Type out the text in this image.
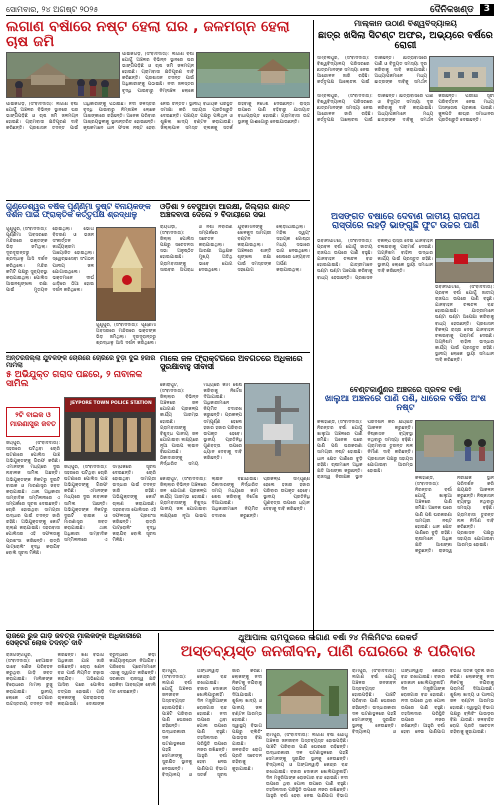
ସୋମବାର, ୨୪ ଅଗଷ୍ଟ ୨୦୨୫	ଦୈନିକଖଣ୍ଡ	3
ଲଗାଣ ବର୍ଷାରେ ନଷ୍ଟ ହେଲା ଘର , ଜଳମଗ୍ନ ହେଲା ଚାଷ ଜମି
ପାଇକଗଡ଼, (ସଂବାଦଦାତା): ଲଗାଣ ବର୍ଷା ଯୋଗୁଁ ଅଞ୍ଚଳର ବିଭିନ୍ନ ସ୍ଥାନରେ ଘର ଭାଙ୍ଗିପଡ଼ିଛି ଓ ଚାଷ ଜମି ଜଳମଗ୍ନ ହୋଇଛି। ଗ୍ରାମବାସୀ କ୍ଷତିପୂରଣ ଦାବି କରିଛନ୍ତି। ପ୍ରଶାସନ ତଦନ୍ତ ପାଇଁ ଅଧିକାରୀଙ୍କୁ ପଠାଇଛି। ନଦୀ ଜଳସ୍ତର ବୃଦ୍ଧି ପାଇବାରୁ ନିମ୍ନାଞ୍ଚଳ ଲୋକେ
ପାଇକଗଡ଼, (ସଂବାଦଦାତା): ଲଗାଣ ବର୍ଷା ଯୋଗୁଁ ଅଞ୍ଚଳର ବିଭିନ୍ନ ସ୍ଥାନରେ ଘର ଭାଙ୍ଗିପଡ଼ିଛି ଓ ଚାଷ ଜମି ଜଳମଗ୍ନ ହୋଇଛି। ଗ୍ରାମବାସୀ କ୍ଷତିପୂରଣ ଦାବି କରିଛନ୍ତି। ପ୍ରଶାସନ ତଦନ୍ତ ପାଇଁ ଅଧିକାରୀଙ୍କୁ ପଠାଇଛି। ନଦୀ ଜଳସ୍ତର ବୃଦ୍ଧି ପାଇବାରୁ ନିମ୍ନାଞ୍ଚଳ ଲୋକେ ଆଶଙ୍କାରେ ରହିଛନ୍ତି। ଅନେକ ପରିବାର ଆଶ୍ରୟସ୍ଥଳୀକୁ ସ୍ଥାନାନ୍ତରିତ ହୋଇଛନ୍ତି। କୃଷକମାନେ ଧାନ ଫସଲ ନଷ୍ଟ ହେବା ନେଇ ଚିନ୍ତିତ। ସ୍ଥାନୀୟ ବିଧାୟକ ପରିସ୍ଥିତି ସମୀକ୍ଷା କରି ସହାୟତା ପ୍ରତିଶ୍ରୁତି ଦେଇଛନ୍ତି। ପଞ୍ଚାୟତ ପକ୍ଷରୁ ପଲିଥିନ ଓ ଶୁଖିଲା ଖାଦ୍ୟ ବଣ୍ଟନ କରାଯାଉଛି। ଜିଲ୍ଲାପାଳ ସମସ୍ତ ବ୍ଲକକୁ ସତର୍କ ରହିବାକୁ ନିର୍ଦ୍ଦେଶ ଦେଇଛନ୍ତି। ରାସ୍ତା ଉପରେ ପାଣି ବହିବାରୁ ଯାତାୟାତ ବାଧାପ୍ରାପ୍ତ ହୋଇଛି। ଗ୍ରାମବାସୀ ଉଚ୍ଚ ସ୍ଥାନକୁ ଗାଈଗୋରୁ ନେଇଯାଉଛନ୍ତି।
ମାଲ୍କାନ ଉଠାଣ ବିଶ୍ୱବିଦ୍ୟାଳୟ
ଛାତ୍ର ଖସିଲା ସିଟଣ୍ଟ ଅଫର, ଅଭ୍ୟରେ ବର୍ଷରେ ରୋଗୀ
ସମ୍ବଲପୁର, (ସଂବାଦଦାତା): ବିଶ୍ୱବିଦ୍ୟାଳୟ ପରିସରରେ ଛାତ୍ରମାନଙ୍କ ସମସ୍ୟା ନେଇ ଆନ୍ଦୋଳନ ଜାରି ରହିଛି। କର୍ତ୍ତୃପକ୍ଷ ଆଲୋଚନା ପାଇଁ ଡାକିଛନ୍ତି। ଛାତ୍ରାବାସରେ ପାଣି ଓ ବିଦ୍ୟୁତ ସମସ୍ୟା ଦୂର କରିବାକୁ ଦାବି କରାଯାଇଛି। ଅଧ୍ୟାପକମାନେ ମଧ୍ୟ ଛାତ୍ରଙ୍କ ଦାବିକୁ ସମର୍ଥନ
ସମ୍ବଲପୁର, (ସଂବାଦଦାତା): ବିଶ୍ୱବିଦ୍ୟାଳୟ ପରିସରରେ ଛାତ୍ରମାନଙ୍କ ସମସ୍ୟା ନେଇ ଆନ୍ଦୋଳନ ଜାରି ରହିଛି। କର୍ତ୍ତୃପକ୍ଷ ଆଲୋଚନା ପାଇଁ ଡାକିଛନ୍ତି। ଛାତ୍ରାବାସରେ ପାଣି ଓ ବିଦ୍ୟୁତ ସମସ୍ୟା ଦୂର କରିବାକୁ ଦାବି କରାଯାଇଛି। ଅଧ୍ୟାପକମାନେ ମଧ୍ୟ ଛାତ୍ରଙ୍କ ଦାବିକୁ ସମର୍ଥନ କରିଛନ୍ତି। ପରୀକ୍ଷା ସୂଚୀ ପରିବର୍ତ୍ତନ ନେଇ ମଧ୍ୟ ଅସନ୍ତୋଷ ପ୍ରକାଶ ପାଇଛି। କୁଳପତି ଶୀଘ୍ର ସମାଧାନର ପ୍ରତିଶ୍ରୁତି ଦେଇଛନ୍ତି।
ଗୁଣ୍ଡେଶ୍ୱର ବର୍ଷିକ ପୂର୍ଣ୍ଣିମା ଦୁଷ୍ଟ ବିନାୟକଙ୍କ ଦର୍ଶନ ପାଇଁ ଫ୍ରାକ୍ତିକ କର୍ତ୍ତୃପକ୍ଷ ଶ୍ରଦ୍ଧାଳୁ
ଗୁଣୁପୁର, (ସଂବାଦଦାତା): ପୂର୍ଣ୍ଣିମା ଅବସରରେ ମନ୍ଦିରରେ ଭକ୍ତଙ୍କ ଭିଡ଼ ଜମିଥିଲା। ଦୂରଦୂରାନ୍ତରୁ ଶ୍ରଦ୍ଧାଳୁ ଆସି ଦର୍ଶନ କରିଥିଲେ। ମନ୍ଦିର କମିଟି ପକ୍ଷରୁ ସୁବ୍ୟବସ୍ଥା କରାଯାଇଥିଲା। ପୋଲିସ ଆଇନଶୃଙ୍ଖଳା ରକ୍ଷା ପାଇଁ ମୁତୟନ ହୋଇଥିଲା। ଭୋଗ ବିତରଣ ଓ ଭଜନ ସଂକୀର୍ତ୍ତନ କାର୍ଯ୍ୟକ୍ରମ ଆୟୋଜିତ ହୋଇଥିଲା। ସ୍ୱେଚ୍ଛାସେବୀ ସଂଗଠନ ପାନୀୟ ଜଳ ଯୋଗାଇଥିଲେ। ଭକ୍ତମାନେ ଦୀର୍ଘ ଧାଡ଼ିରେ ଠିଆ ହୋଇ ଦର୍ଶନ କରିଥିଲେ।
ଗୁଣୁପୁର, (ସଂବାଦଦାତା): ପୂର୍ଣ୍ଣିମା ଅବସରରେ ମନ୍ଦିରରେ ଭକ୍ତଙ୍କ ଭିଡ଼ ଜମିଥିଲା। ଦୂରଦୂରାନ୍ତରୁ ଶ୍ରଦ୍ଧାଳୁ ଆସି ଦର୍ଶନ କରିଥିଲେ।
ଓଡ଼ିଶା ୨ ବେସୁଆଡ଼ା ଆରକ୍ଷୀ, ଜିଲ୍ଲାର ଶାନ୍ତ ଅଞ୍ଚଳବାସୀ ଦେଲେ ୨ ବିଦାୟୀରେ ସଭା
ରାୟଗଡ଼ା, (ସଂବାଦଦାତା): ଜିଲ୍ଲା ପୋଲିସ ପକ୍ଷରୁ ସଚେତନତା ସଭା ଅନୁଷ୍ଠିତ ହୋଇଯାଇଛି। ଗ୍ରାମବାସୀଙ୍କୁ ସାଇବର ଅପରାଧ ଓ ନିଶା ନିବାରଣ ସମ୍ପର୍କରେ ସଚେତନ କରାଯାଇଥିଲା। ଆରକ୍ଷୀ ଅଧିକ୍ଷକ ମୁଖ୍ୟ ଅତିଥି ଭାବେ ଯୋଗ ଦେଇଥିଲେ। ଯୁବକମାନଙ୍କୁ ଖେଳକୁଦ ସାମଗ୍ରୀ ବଣ୍ଟନ କରାଯାଇଥିଲା। ଅଞ୍ଚଳରେ ଶାନ୍ତି ଶୃଙ୍ଖଳା ରକ୍ଷା ପାଇଁ ସମସ୍ତଙ୍କ ସହଯୋଗ ଲୋଡ଼ାଯାଇଥିଲା। ମହିଳା ସ୍ୱୟଂ ସହାୟକ ଗୋଷ୍ଠୀ ମଧ୍ୟ ସଭାରେ ଭାଗ ନେଇଥିଲେ। ଶେଷରେ ଧନ୍ୟବାଦ ଅର୍ପଣ କରାଯାଇଥିଲା।
ଅସଙ୍ଗତ ବର୍ଷାରେ ଦେବାଣ ଜାତୀୟ ରାଜପଥ ରାସ୍ତାରେ ଲହଡ଼ି ଭାଙ୍ଗୁଛି ଫୁଟ ଉଚ୍ଚର ପାଣି
ଭବାନୀପାଟଣା, (ସଂବାଦଦାତା): ପ୍ରବଳ ବର୍ଷା ଯୋଗୁଁ ଜାତୀୟ ରାଜପଥ ଉପରେ ପାଣି ବହୁଛି। ଯାନବାହନ ଚଳାଚଳ ବନ୍ଦ ହୋଇଯାଇଛି। ଯାତ୍ରୀମାନେ ଘଣ୍ଟା ଘଣ୍ଟା ଅପେକ୍ଷା କରିବାକୁ ବାଧ୍ୟ ହେଉଛନ୍ତି। ପ୍ରଶାସନ ବିକଳ୍ପ ରାସ୍ତା ଦେଇ ଯାନବାହନ ଚଳାଇବାକୁ ପରାମର୍ଶ ଦେଇଛି। ଅଗ୍ନିଶମ ବାହିନୀ ଉଦ୍ଧାର କାର୍ଯ୍ୟ ପାଇଁ ପ୍ରସ୍ତୁତ ରହିଛି। ସ୍ଥାନୀୟ ଲୋକେ ସ୍ଥାୟୀ ସମାଧାନ ଦାବି କରିଛନ୍ତି।
ଭବାନୀପାଟଣା, (ସଂବାଦଦାତା): ପ୍ରବଳ ବର୍ଷା ଯୋଗୁଁ ଜାତୀୟ ରାଜପଥ ଉପରେ ପାଣି ବହୁଛି। ଯାନବାହନ ଚଳାଚଳ ବନ୍ଦ ହୋଇଯାଇଛି। ଯାତ୍ରୀମାନେ ଘଣ୍ଟା ଘଣ୍ଟା ଅପେକ୍ଷା କରିବାକୁ ବାଧ୍ୟ ହେଉଛନ୍ତି। ପ୍ରଶାସନ ବିକଳ୍ପ ରାସ୍ତା ଦେଇ ଯାନବାହନ ଚଳାଇବାକୁ ପରାମର୍ଶ ଦେଇଛି। ଅଗ୍ନିଶମ ବାହିନୀ ଉଦ୍ଧାର କାର୍ଯ୍ୟ ପାଇଁ ପ୍ରସ୍ତୁତ ରହିଛି। ସ୍ଥାନୀୟ ଲୋକେ ସ୍ଥାୟୀ ସମାଧାନ ଦାବି କରିଛନ୍ତି।
ଅନ୍ତରଜିଲ୍ଲା ଯୁବକଙ୍କ ଚୋରିରେ ଚୋରିରେ ବୁଡ଼ା ଦୁଇ ହଜାର ମାମଲା
୫ ଅଭିଯୁକ୍ତ ଗରାଦ ପଛରେ, ୨ ନାବାଳକ ସାମିଲ
JEYPORE TOWN POLICE STATION
୨ଟି ବାଇକ ଓ ମାରଣାସ୍ତ୍ର ଜବତ
ଜୟପୁର, (ସଂବାଦଦାତା): ସହରରେ ଘଟିଥିବା ଚୋରି ଘଟଣାରେ ପୋଲିସ ପାଞ୍ଚ ଅଭିଯୁକ୍ତଙ୍କୁ ଗିରଫ କରିଛି। ଏମାନଙ୍କ ମଧ୍ୟରେ ଦୁଇ ନାବାଳକ ସାମିଲ ଅଛନ୍ତି। ଅଭିଯୁକ୍ତଙ୍କ ନିକଟରୁ ଦୁଇଟି ବାଇକ ଓ ମାରଣାସ୍ତ୍ର ଜବତ କରାଯାଇଛି। ଥାନା ଅଧିକାରୀ ସାମ୍ବାଦିକ ସମ୍ମିଳନୀରେ ଏ ସମ୍ପର୍କରେ ସୂଚନା ଦେଇଛନ୍ତି। ଚୋରି ହୋଇଥିବା ସାମଗ୍ରୀ ଉଦ୍ଧାର ପାଇଁ ତଦନ୍ତ ଜାରି ରହିଛି। ଅଭିଯୁକ୍ତଙ୍କୁ କୋର୍ଟ ଚାଲାଣ କରାଯାଇଛି। ସହରବାସୀ ପୋଲିସର ଏହି ସଫଳତାକୁ ପ୍ରଶଂସା କରିଛନ୍ତି। ରାତ୍ରି ପାଟ୍ରୋଲିଂ ବୃଦ୍ଧି କରାଯିବ ବୋଲି ସୂଚନା ମିଳିଛି।
ଜୟପୁର, (ସଂବାଦଦାତା): ସହରରେ ଘଟିଥିବା ଚୋରି ଘଟଣାରେ ପୋଲିସ ପାଞ୍ଚ ଅଭିଯୁକ୍ତଙ୍କୁ ଗିରଫ କରିଛି। ଏମାନଙ୍କ ମଧ୍ୟରେ ଦୁଇ ନାବାଳକ ସାମିଲ ଅଛନ୍ତି। ଅଭିଯୁକ୍ତଙ୍କ ନିକଟରୁ ଦୁଇଟି ବାଇକ ଓ ମାରଣାସ୍ତ୍ର ଜବତ କରାଯାଇଛି। ଥାନା ଅଧିକାରୀ ସାମ୍ବାଦିକ ସମ୍ମିଳନୀରେ ଏ ସମ୍ପର୍କରେ ସୂଚନା ଦେଇଛନ୍ତି। ଚୋରି ହୋଇଥିବା ସାମଗ୍ରୀ ଉଦ୍ଧାର ପାଇଁ ତଦନ୍ତ ଜାରି ରହିଛି। ଅଭିଯୁକ୍ତଙ୍କୁ କୋର୍ଟ ଚାଲାଣ କରାଯାଇଛି। ସହରବାସୀ ପୋଲିସର ଏହି ସଫଳତାକୁ ପ୍ରଶଂସା କରିଛନ୍ତି। ରାତ୍ରି ପାଟ୍ରୋଲିଂ ବୃଦ୍ଧି କରାଯିବ ବୋଲି ସୂଚନା ମିଳିଛି।
ମାଲେ ଜଳ ଫ୍ରାକ୍ଟରିରେ ଅବଗତରେ ଅଧିକାରେ ସୁରକ୍ଷାବାହୁ ସୀବାସୀ
କୋରାପୁଟ, (ସଂବାଦଦାତା): ଜିଲ୍ଲାର ବିଭିନ୍ନ ଅଞ୍ଚଳରେ ଜଳ ଯୋଗାଣ ପ୍ରକଳ୍ପ କାର୍ଯ୍ୟ ଆରମ୍ଭ ହୋଇଛି। ଗ୍ରାମବାସୀଙ୍କୁ ବିଶୁଦ୍ଧ ପାନୀୟ ଜଳ ଯୋଗାଇବା ଲକ୍ଷ୍ୟରେ ନୂଆ ପାଇପ ଲାଇନ ବିଛାଯାଉଛି। ଠିକାଦାରଙ୍କୁ ନିର୍ଦ୍ଧାରିତ ସମୟ ମଧ୍ୟରେ କାମ ଶେଷ କରିବାକୁ ନିର୍ଦ୍ଦେଶ ଦିଆଯାଇଛି। ଅଧିକାରୀମାନେ ନିୟମିତ ତଦାରଖ କରୁଛନ୍ତି। ପ୍ରକଳ୍ପ ସମ୍ପୂର୍ଣ୍ଣ ହେଲେ ହଜାର ହଜାର ପରିବାର ଉପକୃତ ହେବେ। ସ୍ଥାନୀୟ ପ୍ରତିନିଧି ଗୁଣବତ୍ତା ଉପରେ ଧ୍ୟାନ ଦେବାକୁ ଦାବି କରିଛନ୍ତି।
କୋରାପୁଟ, (ସଂବାଦଦାତା): ଜିଲ୍ଲାର ବିଭିନ୍ନ ଅଞ୍ଚଳରେ ଜଳ ଯୋଗାଣ ପ୍ରକଳ୍ପ କାର୍ଯ୍ୟ ଆରମ୍ଭ ହୋଇଛି। ଗ୍ରାମବାସୀଙ୍କୁ ବିଶୁଦ୍ଧ ପାନୀୟ ଜଳ ଯୋଗାଇବା ଲକ୍ଷ୍ୟରେ ନୂଆ ପାଇପ ଲାଇନ ବିଛାଯାଉଛି। ଠିକାଦାରଙ୍କୁ ନିର୍ଦ୍ଧାରିତ ସମୟ ମଧ୍ୟରେ କାମ ଶେଷ କରିବାକୁ ନିର୍ଦ୍ଦେଶ ଦିଆଯାଇଛି। ଅଧିକାରୀମାନେ ନିୟମିତ ତଦାରଖ କରୁଛନ୍ତି। ପ୍ରକଳ୍ପ ସମ୍ପୂର୍ଣ୍ଣ ହେଲେ ହଜାର ହଜାର ପରିବାର ଉପକୃତ ହେବେ। ସ୍ଥାନୀୟ ପ୍ରତିନିଧି ଗୁଣବତ୍ତା ଉପରେ ଧ୍ୟାନ ଦେବାକୁ ଦାବି କରିଛନ୍ତି।
ବେଣ୍ଟକାର୍ଣ୍ଣ୍ଣର ଅଞ୍ଚଳରେ ପ୍ରବଳ ବର୍ଷା
ଖାଲୁଆ ଅଞ୍ଚଳରେ ପାଣି ପଶି, ଧାରେକ ବର୍ଷିର ଅଂଶ ନଷ୍ଟ
କଳାହାଣ୍ଡି, (ସଂବାଦଦାତା): ନିରନ୍ତର ବର୍ଷା ଯୋଗୁଁ ଖାଲୁଆ ଅଞ୍ଚଳରେ ପାଣି ଜମିଛି। ଅନେକ ଘରେ ପାଣି ପଶି ଘରକରଣା ସାମଗ୍ରୀ ନଷ୍ଟ ହୋଇଛି। ଧାନ କ୍ଷେତ ପାଣିରେ ବୁଡ଼ି ରହିଛି। ଚାଷୀମାନେ ଅଧିକ କ୍ଷତି ଆଶଙ୍କା କରୁଛନ୍ତି। ରାଜସ୍ୱ ନିରୀକ୍ଷକ ସ୍ଥାନ ପରିଦର୍ଶନ କରି କ୍ଷୟକ୍ଷତି ଆକଳନ କରୁଛନ୍ତି। ନିଷ୍କାସନ ବ୍ୟବସ୍ଥା ନଥିବାରୁ ସମସ୍ୟା ବଢ଼ିଛି। ଗ୍ରାମବାସୀ ତୁରନ୍ତ ନାଳ ନିର୍ମାଣ ଦାବି କରିଛନ୍ତି। ପ୍ରଶାସନ ପକ୍ଷରୁ ସହାୟତା ଯୋଗାଇବା ଆରମ୍ଭ ହୋଇଛି।
କଳାହାଣ୍ଡି, (ସଂବାଦଦାତା): ନିରନ୍ତର ବର୍ଷା ଯୋଗୁଁ ଖାଲୁଆ ଅଞ୍ଚଳରେ ପାଣି ଜମିଛି। ଅନେକ ଘରେ ପାଣି ପଶି ଘରକରଣା ସାମଗ୍ରୀ ନଷ୍ଟ ହୋଇଛି। ଧାନ କ୍ଷେତ ପାଣିରେ ବୁଡ଼ି ରହିଛି। ଚାଷୀମାନେ ଅଧିକ କ୍ଷତି ଆଶଙ୍କା କରୁଛନ୍ତି। ରାଜସ୍ୱ ନିରୀକ୍ଷକ ସ୍ଥାନ ପରିଦର୍ଶନ କରି କ୍ଷୟକ୍ଷତି ଆକଳନ କରୁଛନ୍ତି। ନିଷ୍କାସନ ବ୍ୟବସ୍ଥା ନଥିବାରୁ ସମସ୍ୟା ବଢ଼ିଛି। ଗ୍ରାମବାସୀ ତୁରନ୍ତ ନାଳ ନିର୍ମାଣ ଦାବି କରିଛନ୍ତି। ପ୍ରଶାସନ ପକ୍ଷରୁ ସହାୟତା ଯୋଗାଇବା ଆରମ୍ଭ ହୋଇଛି।
ରାଜରେ ରୁଜ ଗାଡ଼ି ଜବତ୍ର ମାଲିକଙ୍କ ଅଧିକାରୀରେ ସେକ୍ଟର ଲୋକ ତଦନ୍ତ ଦାବି
ରାଜଗଙ୍ଗପୁର, (ସଂବାଦଦାତା): ବେଆଇନ ଭାବେ ଖଣିଜ ପରିବହନ କରୁଥିବା ଗାଡ଼ି ଜବତ କରାଯାଇଛି। ମାଲିକଙ୍କ ବିରୋଧରେ ମାମଲା ରୁଜୁ କରାଯାଇଛି। ସ୍ଥାନୀୟ ଲୋକେ ଏହି ଘଟଣାର ଉଚ୍ଚସ୍ତରୀୟ ତଦନ୍ତ ଦାବି କରିଛନ୍ତି। ଖଣି ବିଭାଗ ଅଧିକାରୀ ଯାଞ୍ଚ ଜାରି ରଖିଛନ୍ତି। ଚୋରା ଖଣନ ବନ୍ଦ ପାଇଁ ନିୟମିତ ଚଢ଼ାଉ କରାଯିବ। ଅଭିଯୋଗ ଆସିବା ପରେ ପୋଲିସ ତତ୍ପର ହୋଇଛି। ଗାଡ଼ି ଚାଳକଙ୍କୁ ପଚରାଉଚରା କରାଯାଉଛି। ଦୋଷୀଙ୍କ ବିରୁଦ୍ଧରେ କଡ଼ା କାର୍ଯ୍ୟାନୁଷ୍ଠାନ ନିଆଯିବ। ପରିବେଶ ପ୍ରେମୀମାନେ ଏହାକୁ ସ୍ୱାଗତ କରିଛନ୍ତି। ସରକାରୀ ରାଜସ୍ୱ କ୍ଷତି ରୋକିବା ଆବଶ୍ୟକ ବୋଲି ମତ ଦେଇଛନ୍ତି।
ଥୁଆପାଲ ରାମପୁରରେ ଲଗାଣ ବର୍ଷା ୨୪ ମିଲିମିଟର ରେକର୍ଡ
ଅସ୍ତବ୍ୟସ୍ତ ଜନଜୀବନ, ପାଣି ଘେରରେ ୫ ପରିବାର
ରାମପୁର, (ସଂବାଦଦାତା): ଲଗାଣ ବର୍ଷା ଯୋଗୁଁ ଅଞ୍ଚଳର ଜନଜୀବନ ଅସ୍ତବ୍ୟସ୍ତ ହୋଇପଡ଼ିଛି। ପାଞ୍ଚଟି ପରିବାର ପାଣି ଘେରରେ ରହିଛନ୍ତି। ଉଦ୍ଧାରକାରୀ ଦଳ ଘଟଣାସ୍ଥଳରେ ପହଞ୍ଚି ସେମାନଙ୍କୁ ସୁରକ୍ଷିତ ସ୍ଥାନକୁ ନେଉଛନ୍ତି। ବିଦ୍ୟାଳୟ ଓ ଅଙ୍ଗନୱାଡ଼ି କେନ୍ଦ୍ର ବନ୍ଦ ରଖାଯାଇଛି। ବଜାର ଦୋକାନ ଖୋଲିପାରୁନାହିଁ। ଦିନ ମଜୁରିଆଙ୍କ ରୋଜଗାର ବନ୍ଦ ହୋଇଛି। ନଦୀ ଉପରେ ଥିବା ପୋଲ ଉପରେ ପାଣି ବହୁଛି। ତହସିଲଦାର ପରିସ୍ଥିତି ଉପରେ ନଜର ରଖିଛନ୍ତି। ଆହୁରି ବର୍ଷା ହେବା ନେଇ ପାଣିପାଗ ବିଭାଗ ସତର୍କ ସୂଚନା ଜାରି କରିଛି। ଲୋକଙ୍କୁ ନଦୀ ନିକଟକୁ ନଯିବାକୁ ପରାମର୍ଶ ଦିଆଯାଇଛି। ଶୁଖିଲା ଖାଦ୍ୟ ଓ ପାନୀୟ ଜଳ ବଣ୍ଟନ ଆରମ୍ଭ ହୋଇଛି। ସ୍ୱାସ୍ଥ୍ୟ ବିଭାଗ ପକ୍ଷରୁ ବ୍ଲିଚିଂ ପାଉଡ଼ର ବିଞ୍ଚା ଯାଉଛି। ଜଳବାହିତ ରୋଗ ପ୍ରତି ସଚେତନ ରହିବାକୁ କୁହାଯାଇଛି।
ରାମପୁର, (ସଂବାଦଦାତା): ଲଗାଣ ବର୍ଷା ଯୋଗୁଁ ଅଞ୍ଚଳର ଜନଜୀବନ ଅସ୍ତବ୍ୟସ୍ତ ହୋଇପଡ଼ିଛି। ପାଞ୍ଚଟି ପରିବାର ପାଣି ଘେରରେ ରହିଛନ୍ତି। ଉଦ୍ଧାରକାରୀ ଦଳ ଘଟଣାସ୍ଥଳରେ ପହଞ୍ଚି ସେମାନଙ୍କୁ ସୁରକ୍ଷିତ ସ୍ଥାନକୁ ନେଉଛନ୍ତି। ବିଦ୍ୟାଳୟ ଓ ଅଙ୍ଗନୱାଡ଼ି କେନ୍ଦ୍ର ବନ୍ଦ ରଖାଯାଇଛି। ବଜାର ଦୋକାନ ଖୋଲିପାରୁନାହିଁ। ଦିନ ମଜୁରିଆଙ୍କ ରୋଜଗାର ବନ୍ଦ ହୋଇଛି। ନଦୀ ଉପରେ ଥିବା ପୋଲ ଉପରେ ପାଣି ବହୁଛି। ତହସିଲଦାର ପରିସ୍ଥିତି ଉପରେ ନଜର ରଖିଛନ୍ତି। ଆହୁରି ବର୍ଷା ହେବା ନେଇ ପାଣିପାଗ ବିଭାଗ
ରାମପୁର, (ସଂବାଦଦାତା): ଲଗାଣ ବର୍ଷା ଯୋଗୁଁ ଅଞ୍ଚଳର ଜନଜୀବନ ଅସ୍ତବ୍ୟସ୍ତ ହୋଇପଡ଼ିଛି। ପାଞ୍ଚଟି ପରିବାର ପାଣି ଘେରରେ ରହିଛନ୍ତି। ଉଦ୍ଧାରକାରୀ ଦଳ ଘଟଣାସ୍ଥଳରେ ପହଞ୍ଚି ସେମାନଙ୍କୁ ସୁରକ୍ଷିତ ସ୍ଥାନକୁ ନେଉଛନ୍ତି। ବିଦ୍ୟାଳୟ ଓ ଅଙ୍ଗନୱାଡ଼ି କେନ୍ଦ୍ର ବନ୍ଦ ରଖାଯାଇଛି। ବଜାର ଦୋକାନ ଖୋଲିପାରୁନାହିଁ। ଦିନ ମଜୁରିଆଙ୍କ ରୋଜଗାର ବନ୍ଦ ହୋଇଛି। ନଦୀ ଉପରେ ଥିବା ପୋଲ ଉପରେ ପାଣି ବହୁଛି। ତହସିଲଦାର ପରିସ୍ଥିତି ଉପରେ ନଜର ରଖିଛନ୍ତି। ଆହୁରି ବର୍ଷା ହେବା ନେଇ ପାଣିପାଗ ବିଭାଗ ସତର୍କ ସୂଚନା ଜାରି କରିଛି। ଲୋକଙ୍କୁ ନଦୀ ନିକଟକୁ ନଯିବାକୁ ପରାମର୍ଶ ଦିଆଯାଇଛି। ଶୁଖିଲା ଖାଦ୍ୟ ଓ ପାନୀୟ ଜଳ ବଣ୍ଟନ ଆରମ୍ଭ ହୋଇଛି। ସ୍ୱାସ୍ଥ୍ୟ ବିଭାଗ ପକ୍ଷରୁ ବ୍ଲିଚିଂ ପାଉଡ଼ର ବିଞ୍ଚା ଯାଉଛି। ଜଳବାହିତ ରୋଗ ପ୍ରତି ସଚେତନ ରହିବାକୁ କୁହାଯାଇଛି।
